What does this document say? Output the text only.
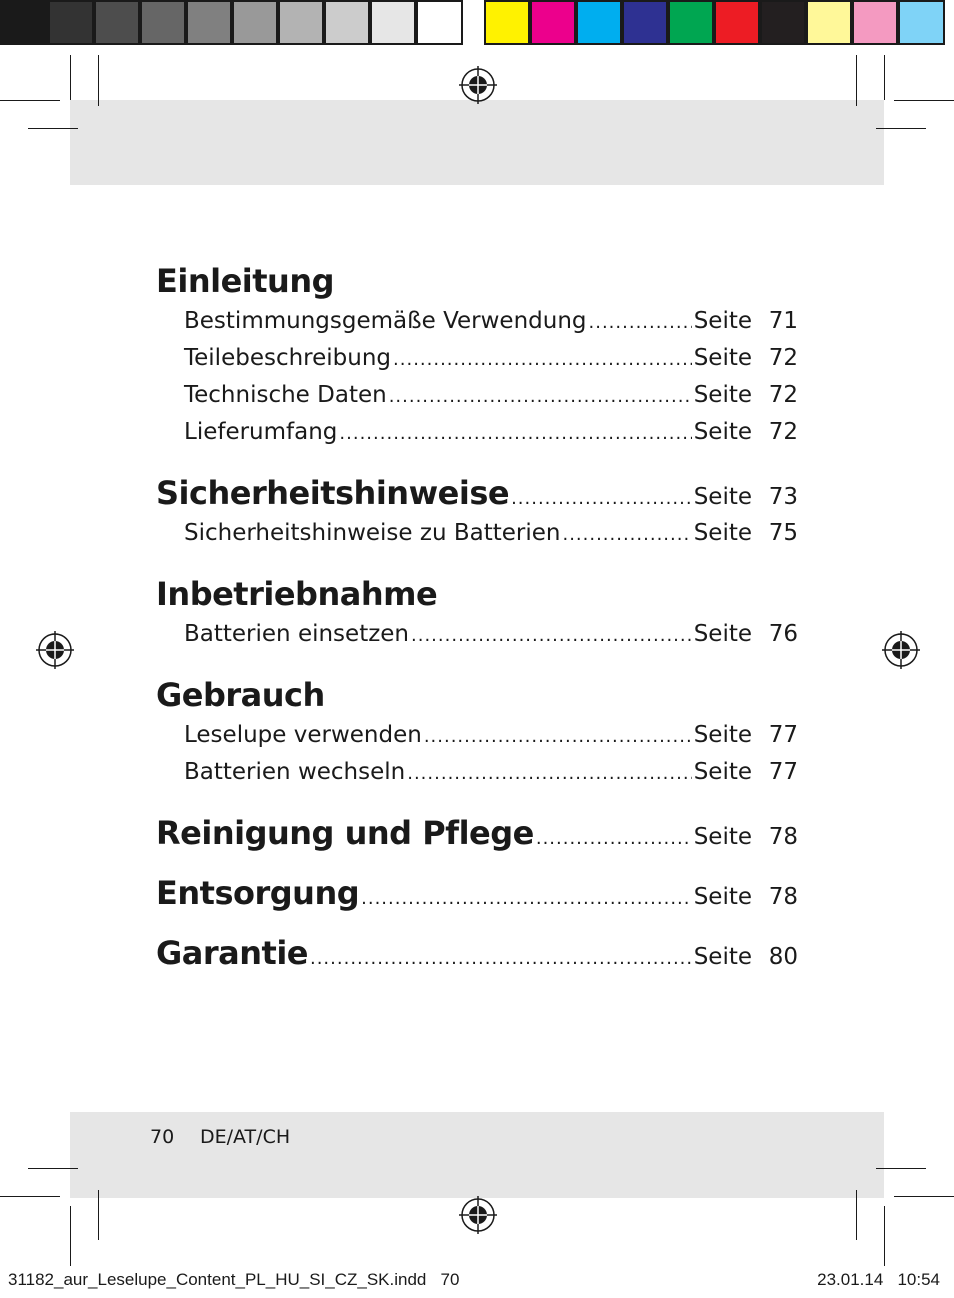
Einleitung
Bestimmungsgemäße Verwendung .....	Seite 71
Teilebeschreibung .....	Seite 72
Technische Daten .....	Seite 72
Lieferumfang .....	Seite 72
Sicherheitshinweise .....	Seite 73
Sicherheitshinweise zu Batterien .....	Seite 75
Inbetriebnahme
Batterien einsetzen .....	Seite 76
Gebrauch
Leselupe verwenden .....	Seite 77
Batterien wechseln .....	Seite 77
Reinigung und Pflege .....	Seite 78
Entsorgung .....	Seite 78
Garantie .....	Seite 80
70 DE/AT/CH
31182_aur_Leselupe_Content_PL_HU_SI_CZ_SK.indd   70	23.01.14   10:54
